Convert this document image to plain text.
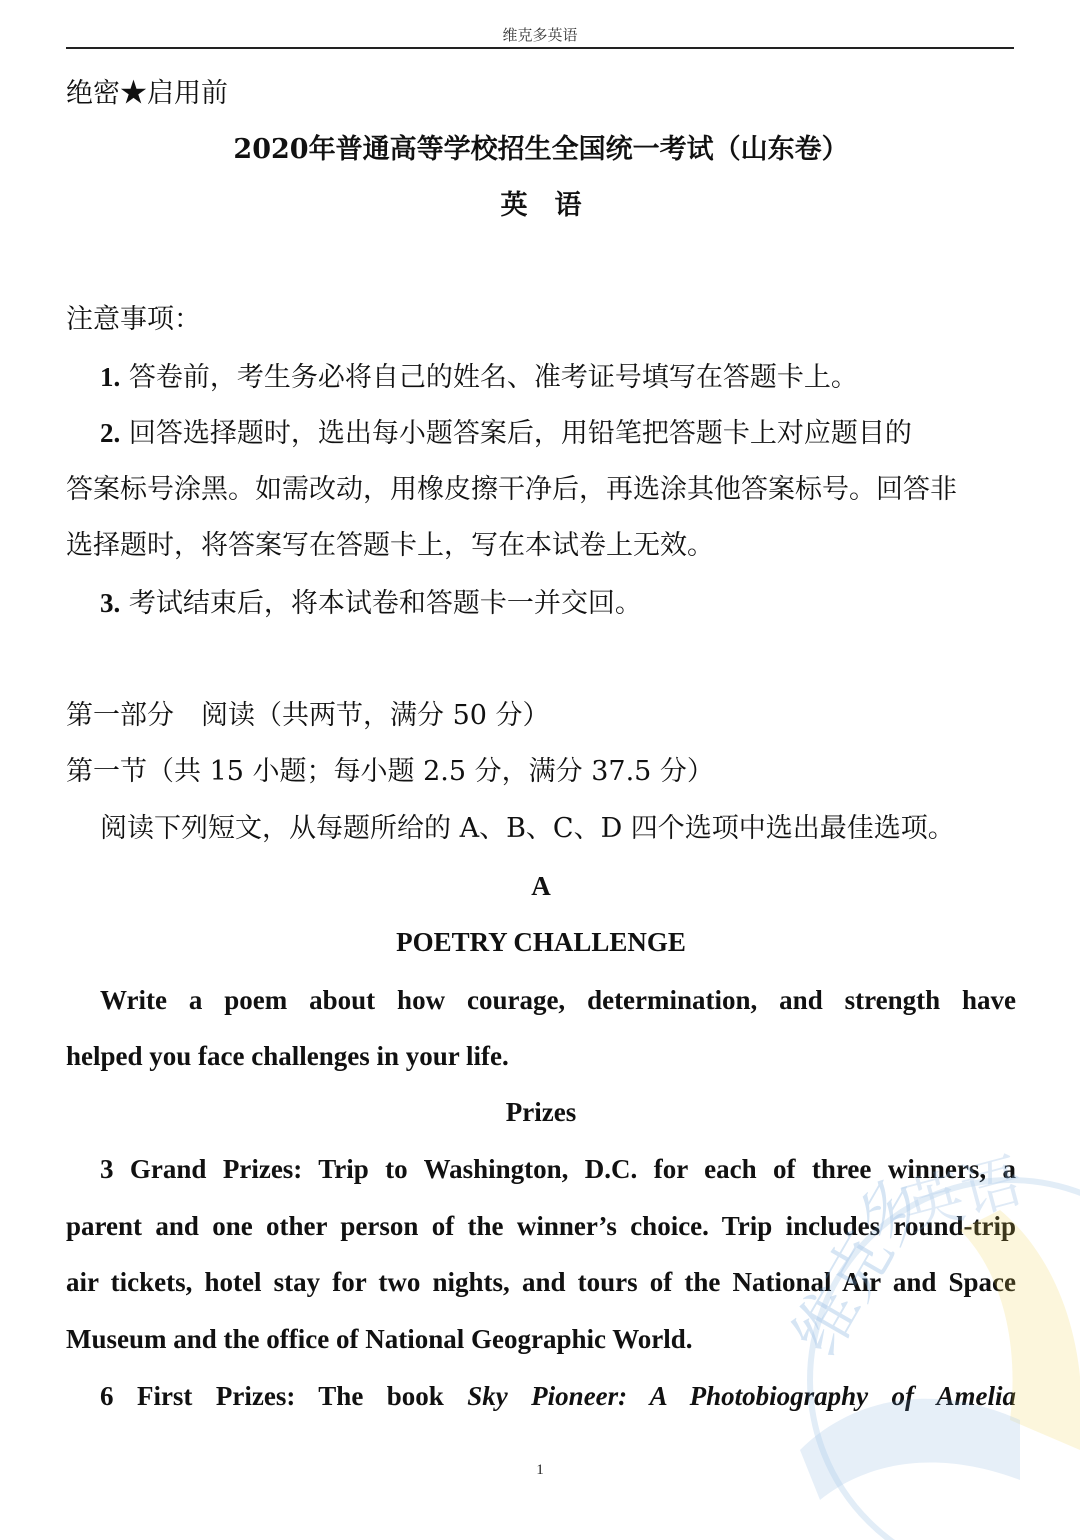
维克多英语
绝密★启用前
2020年普通高等学校招生全国统一考试（山东卷）
英　语
注意事项：
1. 答卷前，考生务必将自己的姓名、准考证号填写在答题卡上。
2. 回答选择题时，选出每小题答案后，用铅笔把答题卡上对应题目的
答案标号涂黑。如需改动，用橡皮擦干净后，再选涂其他答案标号。回答非
选择题时，将答案写在答题卡上，写在本试卷上无效。
3. 考试结束后，将本试卷和答题卡一并交回。
第一部分　阅读（共两节，满分 50 分）
第一节（共 15 小题；每小题 2.5 分，满分 37.5 分）
阅读下列短文，从每题所给的 A、B、C、D 四个选项中选出最佳选项。
A
POETRY CHALLENGE
Write a poem about how courage, determination, and strength have
helped you face challenges in your life.
Prizes
3 Grand Prizes: Trip to Washington, D.C. for each of three winners, a
parent and one other person of the winner’s choice. Trip includes round-trip
air tickets, hotel stay for two nights, and tours of the National Air and Space
Museum and the office of National Geographic World.
6 First Prizes: The book Sky Pioneer: A Photobiography of Amelia
1
维克多
英语
